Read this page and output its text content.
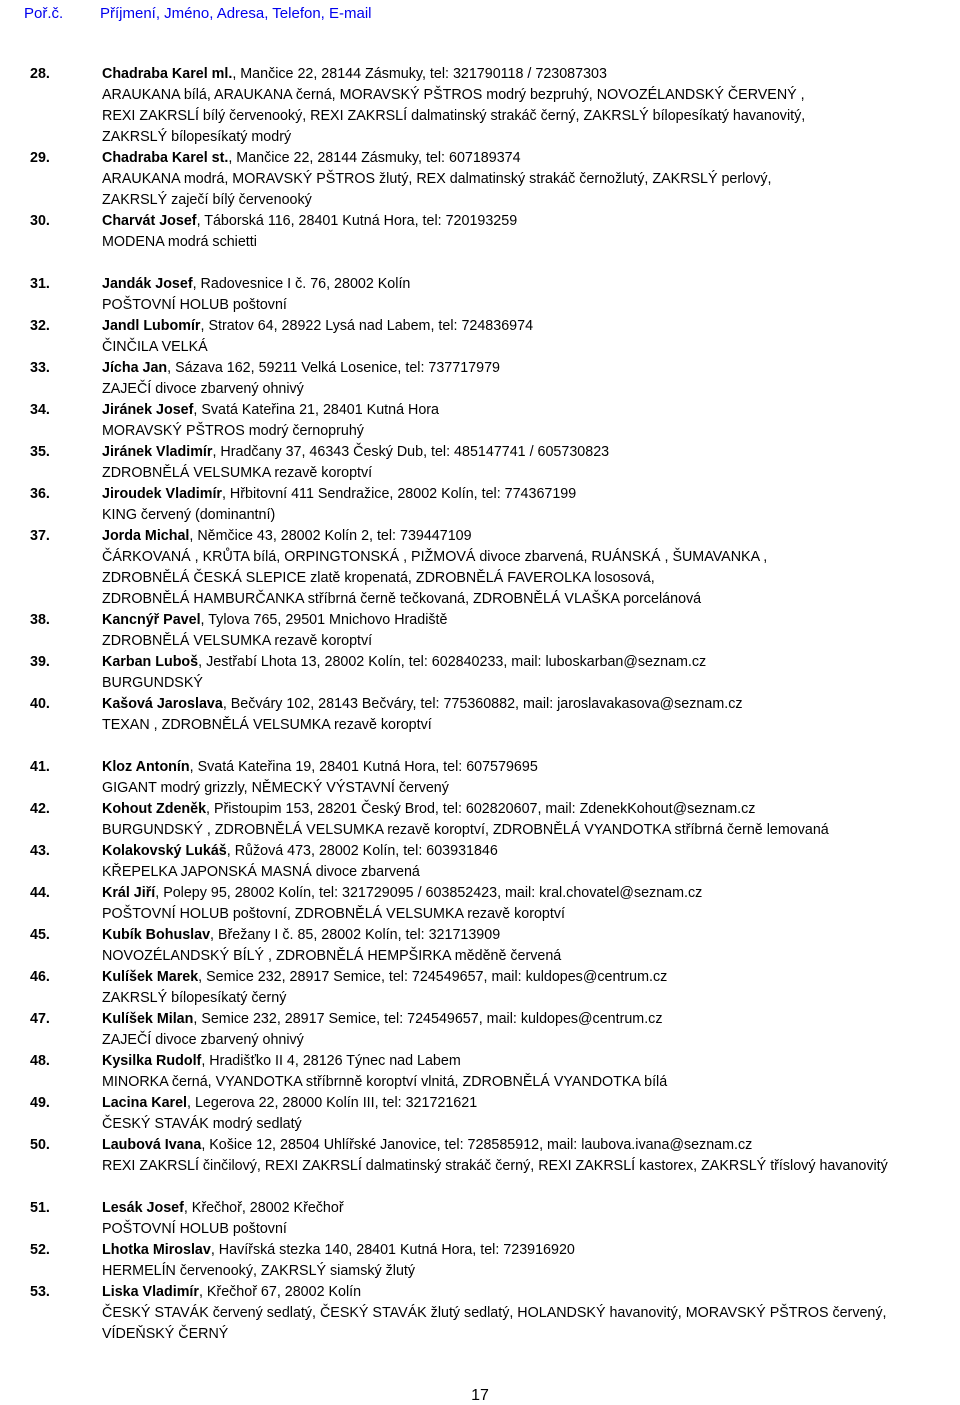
Poř.č. Příjmení, Jméno, Adresa, Telefon, E-mail
28.	Chadraba Karel ml., Mančice 22, 28144 Zásmuky, tel: 321790118 / 723087303
ARAUKANA bílá, ARAUKANA černá, MORAVSKÝ PŠTROS modrý bezpruhý, NOVOZÉLANDSKÝ ČERVENÝ ,
REXI ZAKRSLÍ bílý červenooký, REXI ZAKRSLÍ dalmatinský strakáč černý, ZAKRSLÝ bílopesíkatý havanovitý,
ZAKRSLÝ bílopesíkatý modrý
29.	Chadraba Karel st., Mančice 22, 28144 Zásmuky, tel: 607189374
ARAUKANA modrá, MORAVSKÝ PŠTROS žlutý, REX dalmatinský strakáč černožlutý, ZAKRSLÝ perlový,
ZAKRSLÝ zaječí bílý červenooký
30.	Charvát Josef, Táborská 116, 28401 Kutná Hora, tel: 720193259
MODENA modrá schietti
31.	Jandák Josef, Radovesnice I č. 76, 28002 Kolín
POŠTOVNÍ HOLUB poštovní
32.	Jandl Lubomír, Stratov 64, 28922 Lysá nad Labem, tel: 724836974
ČINČILA VELKÁ
33.	Jícha Jan, Sázava 162, 59211 Velká Losenice, tel: 737717979
ZAJEČÍ divoce zbarvený ohnivý
34.	Jiránek Josef, Svatá Kateřina 21, 28401 Kutná Hora
MORAVSKÝ PŠTROS modrý černopruhý
35.	Jiránek Vladimír, Hradčany 37, 46343 Český Dub, tel: 485147741 / 605730823
ZDROBNĚLÁ VELSUMKA rezavě koroptví
36.	Jiroudek Vladimír, Hřbitovní 411 Sendražice, 28002 Kolín, tel: 774367199
KING červený (dominantní)
37.	Jorda Michal, Němčice 43, 28002 Kolín 2, tel: 739447109
ČÁRKOVANÁ , KRŮTA bílá, ORPINGTONSKÁ , PIŽMOVÁ divoce zbarvená, RUÁNSKÁ , ŠUMAVANKA ,
ZDROBNĚLÁ ČESKÁ SLEPICE zlatě kropenatá, ZDROBNĚLÁ FAVEROLKA lososová,
ZDROBNĚLÁ HAMBURČANKA stříbrná černě tečkovaná, ZDROBNĚLÁ VLAŠKA porcelánová
38.	Kancnýř Pavel, Tylova 765, 29501 Mnichovo Hradiště
ZDROBNĚLÁ VELSUMKA rezavě koroptví
39.	Karban Luboš, Jestřabí Lhota 13, 28002 Kolín, tel: 602840233, mail: luboskarban@seznam.cz
BURGUNDSKÝ
40.	Kašová Jaroslava, Bečváry 102, 28143 Bečváry, tel: 775360882, mail: jaroslavakasova@seznam.cz
TEXAN , ZDROBNĚLÁ VELSUMKA rezavě koroptví
41.	Kloz Antonín, Svatá Kateřina 19, 28401 Kutná Hora, tel: 607579695
GIGANT modrý grizzly, NĚMECKÝ VÝSTAVNÍ červený
42.	Kohout Zdeněk, Přistoupim 153, 28201 Český Brod, tel: 602820607, mail: ZdenekKohout@seznam.cz
BURGUNDSKÝ , ZDROBNĚLÁ VELSUMKA rezavě koroptví, ZDROBNĚLÁ VYANDOTKA stříbrná černě lemovaná
43.	Kolakovský Lukáš, Růžová 473, 28002 Kolín, tel: 603931846
KŘEPELKA JAPONSKÁ MASNÁ divoce zbarvená
44.	Král Jiří, Polepy 95, 28002 Kolín, tel: 321729095 / 603852423, mail: kral.chovatel@seznam.cz
POŠTOVNÍ HOLUB poštovní, ZDROBNĚLÁ VELSUMKA rezavě koroptví
45.	Kubík Bohuslav, Břežany I č. 85, 28002 Kolín, tel: 321713909
NOVOZÉLANDSKÝ BÍLÝ , ZDROBNĚLÁ HEMPŠIRKA měděně červená
46.	Kulíšek Marek, Semice 232, 28917 Semice, tel: 724549657, mail: kuldopes@centrum.cz
ZAKRSLÝ bílopesíkatý černý
47.	Kulíšek Milan, Semice 232, 28917 Semice, tel: 724549657, mail: kuldopes@centrum.cz
ZAJEČÍ divoce zbarvený ohnivý
48.	Kysilka Rudolf, Hradišťko II 4, 28126 Týnec nad Labem
MINORKA černá, VYANDOTKA stříbrnně koroptví vlnitá, ZDROBNĚLÁ VYANDOTKA bílá
49.	Lacina Karel, Legerova 22, 28000 Kolín III, tel: 321721621
ČESKÝ STAVÁK modrý sedlatý
50.	Laubová Ivana, Košice 12, 28504 Uhlířské Janovice, tel: 728585912, mail: laubova.ivana@seznam.cz
REXI ZAKRSLÍ činčilový, REXI ZAKRSLÍ dalmatinský strakáč černý, REXI ZAKRSLÍ kastorex, ZAKRSLÝ tříslový havanovitý
51.	Lesák Josef, Křečhoř, 28002 Křečhoř
POŠTOVNÍ HOLUB poštovní
52.	Lhotka Miroslav, Havířská stezka 140, 28401 Kutná Hora, tel: 723916920
HERMELÍN červenooký, ZAKRSLÝ siamský žlutý
53.	Liska Vladimír, Křečhoř 67, 28002 Kolín
ČESKÝ STAVÁK červený sedlatý, ČESKÝ STAVÁK žlutý sedlatý, HOLANDSKÝ havanovitý, MORAVSKÝ PŠTROS červený,
VÍDEŇSKÝ ČERNÝ
17
